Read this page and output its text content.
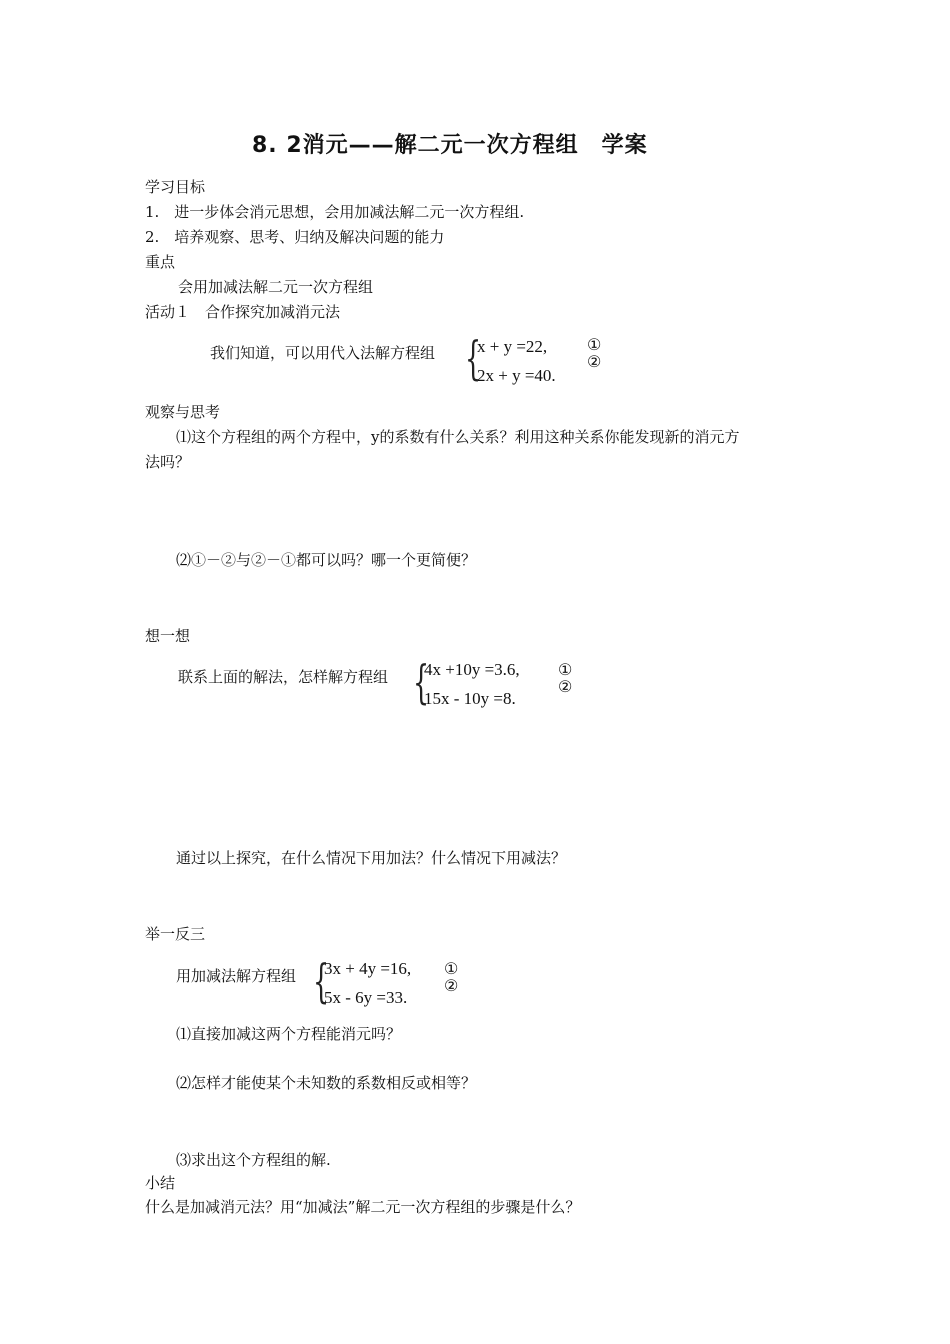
8. 2消元——解二元一次方程组　学案
学习目标
1.　进一步体会消元思想，会用加减法解二元一次方程组.
2.　培养观察、思考、归纳及解决问题的能力
重点
会用加减法解二元一次方程组
活动１　合作探究加减消元法
我们知道，可以用代入法解方程组 {
x + y =22,
2x + y =40.
①
②
观察与思考
⑴这个方程组的两个方程中，y的系数有什么关系？利用这种关系你能发现新的消元方
法吗？
⑵①－②与②－①都可以吗？哪一个更简便？
想一想
联系上面的解法，怎样解方程组 {
4x +10y =3.6,
15x - 10y =8.
①
②
通过以上探究，在什么情况下用加法？什么情况下用减法？
举一反三
用加减法解方程组 {
3x + 4y =16,
5x - 6y =33.
①
②
⑴直接加减这两个方程能消元吗？
⑵怎样才能使某个未知数的系数相反或相等？
⑶求出这个方程组的解.
小结
什么是加减消元法？用“加减法”解二元一次方程组的步骤是什么？
